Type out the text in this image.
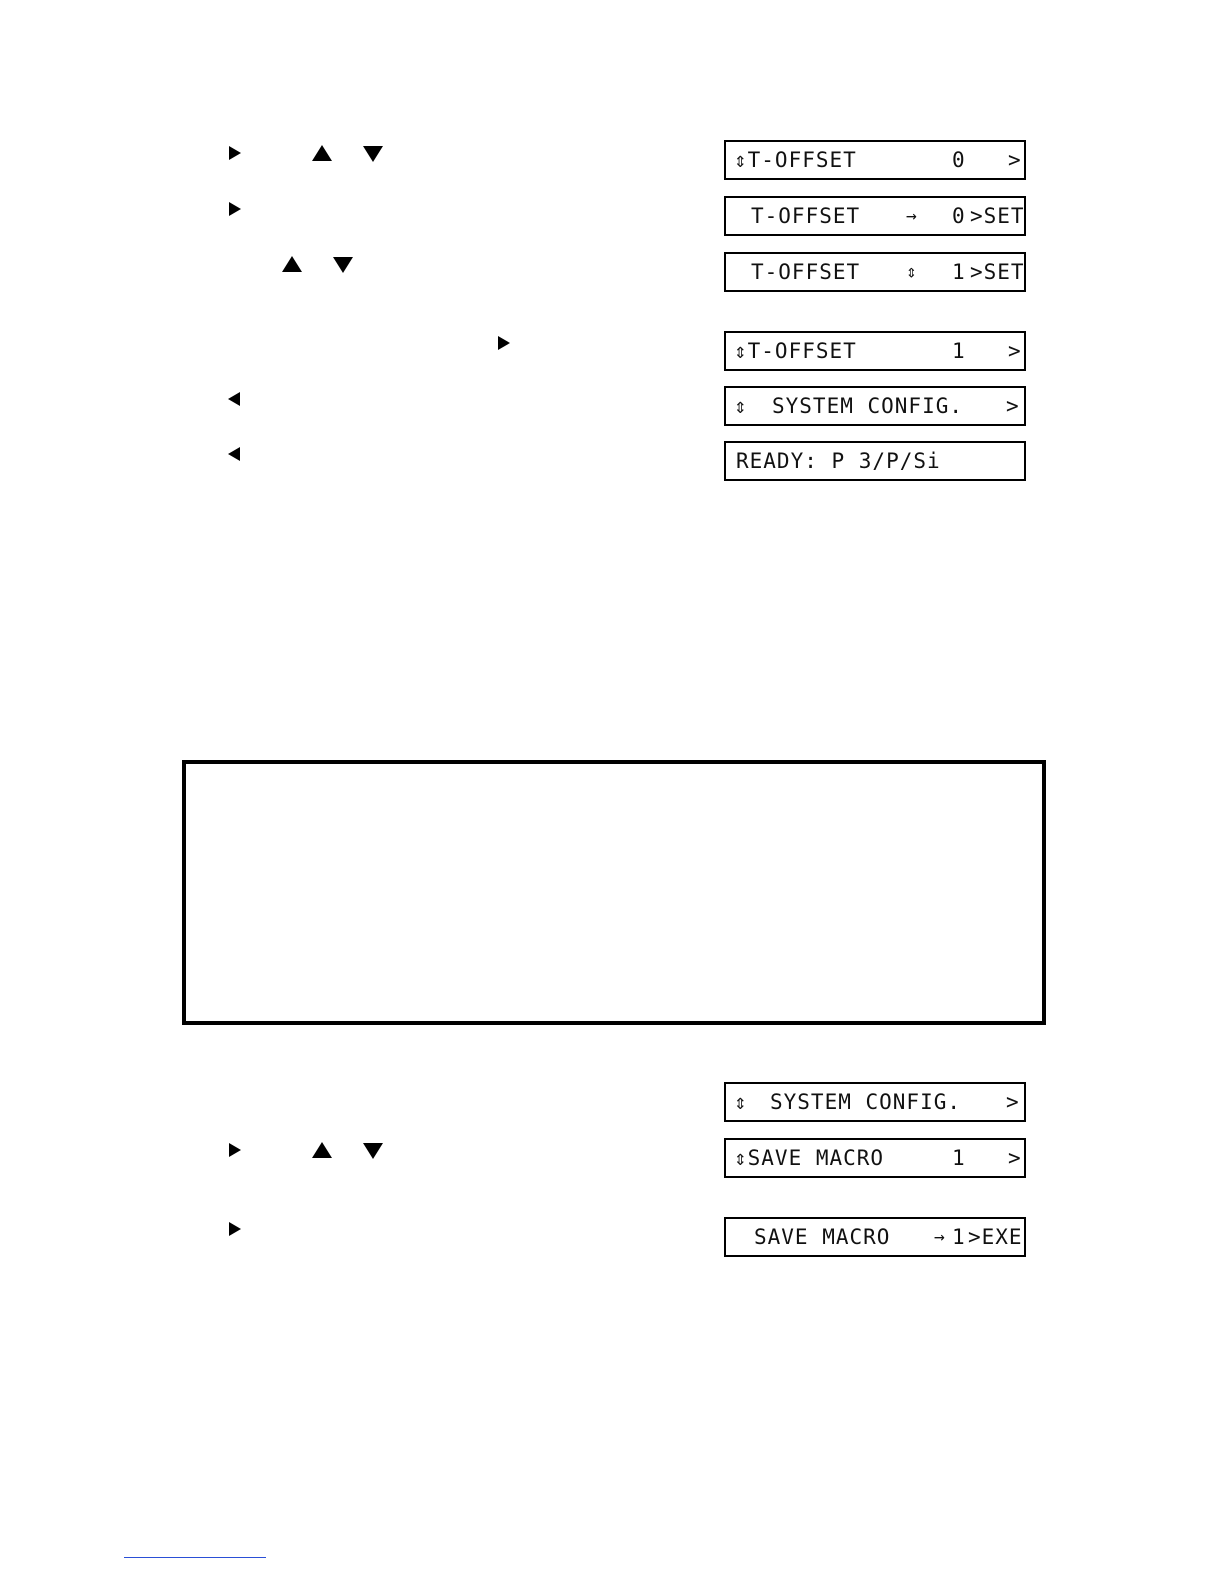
⇕T-OFFSET	0 >
T-OFFSET	→ 0 >SET
T-OFFSET	⇕ 1 >SET
⇕T-OFFSET	1 >
⇕ SYSTEM CONFIG. >
READY: P 3/P/Si
⇕ SYSTEM CONFIG. >
⇕SAVE MACRO	1 >
SAVE MACRO → 1 >EXE
